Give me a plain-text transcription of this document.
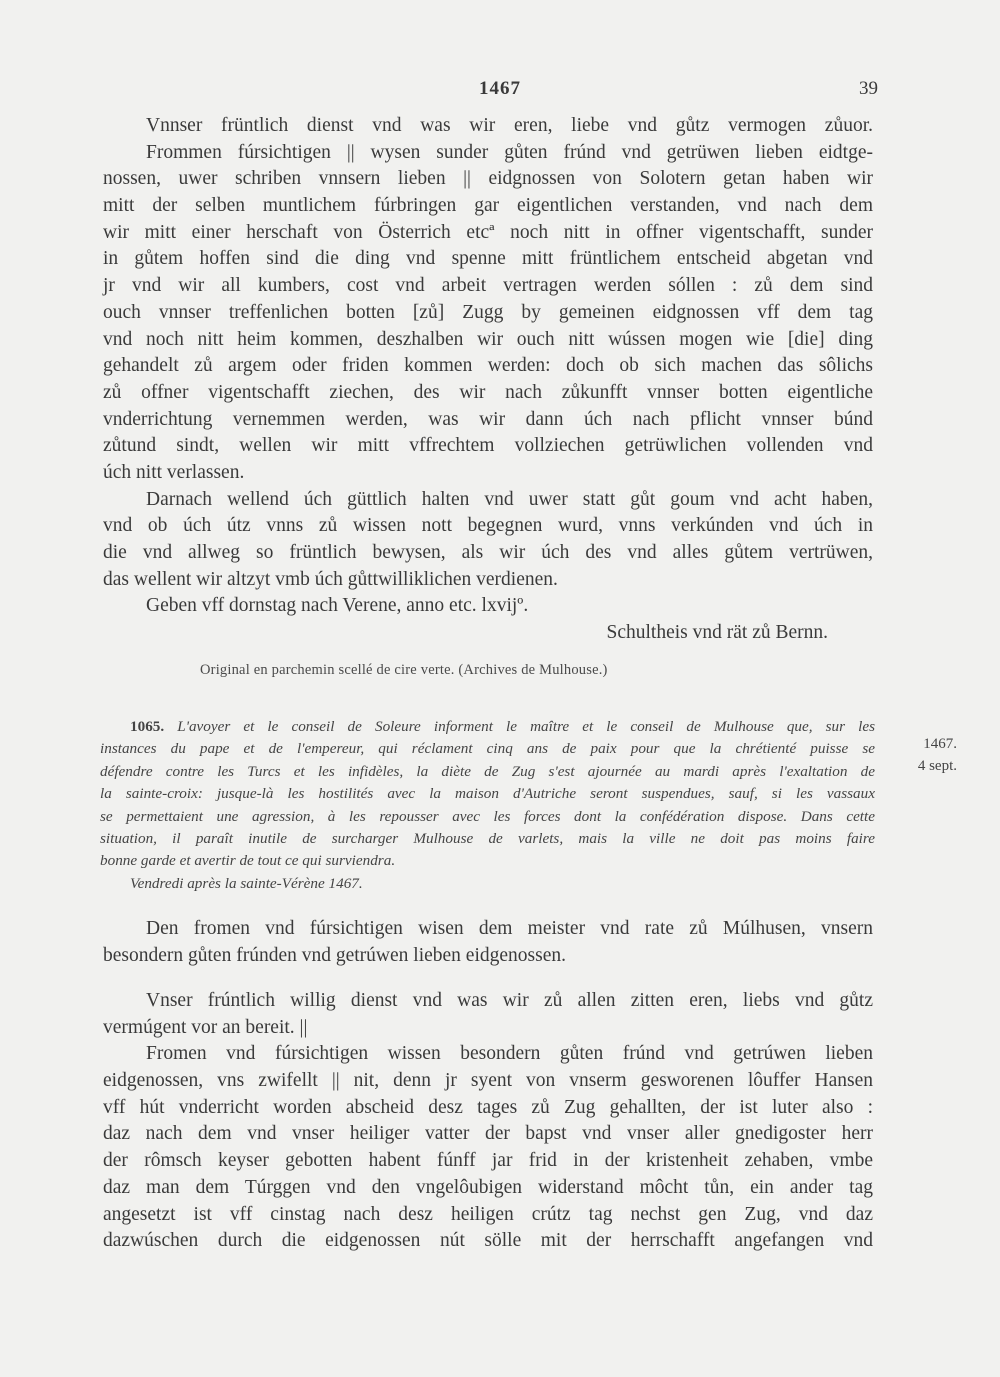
1467	39
Vnnser früntlich dienst vnd was wir eren, liebe vnd gůtz vermogen zůuor.
Frommen fúrsichtigen || wysen sunder gůten frúnd vnd getrüwen lieben eidtge-
nossen, uwer schriben vnnsern lieben || eidgnossen von Solotern getan haben wir
mitt der selben muntlichem fúrbringen gar eigentlichen verstanden, vnd nach dem
wir mitt einer herschaft von Österrich etcª noch nitt in offner vigentschafft, sunder
in gůtem hoffen sind die ding vnd spenne mitt früntlichem entscheid abgetan vnd
jr vnd wir all kumbers, cost vnd arbeit vertragen werden sóllen : zů dem sind
ouch vnnser treffenlichen botten [zů] Zugg by gemeinen eidgnossen vff dem tag
vnd noch nitt heim kommen, deszhalben wir ouch nitt wússen mogen wie [die] ding
gehandelt zů argem oder friden kommen werden: doch ob sich machen das sôlichs
zů offner vigentschafft ziechen, des wir nach zůkunfft vnnser botten eigentliche
vnderrichtung vernemmen werden, was wir dann úch nach pflicht vnnser búnd
zůtund sindt, wellen wir mitt vffrechtem vollziechen getrüwlichen vollenden vnd
úch nitt verlassen.
Darnach wellend úch güttlich halten vnd uwer statt gůt goum vnd acht haben,
vnd ob úch útz vnns zů wissen nott begegnen wurd, vnns verkúnden vnd úch in
die vnd allweg so früntlich bewysen, als wir úch des vnd alles gůtem vertrüwen,
das wellent wir altzyt vmb úch gůttwilliklichen verdienen.
Geben vff dornstag nach Verene, anno etc. lxvijº.
Schultheis vnd rät zů Bernn.
Original en parchemin scellé de cire verte. (Archives de Mulhouse.)
1065. L'avoyer et le conseil de Soleure informent le maître et le conseil de Mulhouse que, sur les
instances du pape et de l'empereur, qui réclament cinq ans de paix pour que la chrétienté puisse se
défendre contre les Turcs et les infidèles, la diète de Zug s'est ajournée au mardi après l'exaltation de
la sainte-croix: jusque-là les hostilités avec la maison d'Autriche seront suspendues, sauf, si les vassaux
se permettaient une agression, à les repousser avec les forces dont la confédération dispose. Dans cette
situation, il paraît inutile de surcharger Mulhouse de varlets, mais la ville ne doit pas moins faire
bonne garde et avertir de tout ce qui surviendra.
Vendredi après la sainte-Vérène 1467.
1467.
4 sept.
Den fromen vnd fúrsichtigen wisen dem meister vnd rate zů Múlhusen, vnsern
besondern gůten frúnden vnd getrúwen lieben eidgenossen.
Vnser frúntlich willig dienst vnd was wir zů allen zitten eren, liebs vnd gůtz
vermúgent vor an bereit. ||
Fromen vnd fúrsichtigen wissen besondern gůten frúnd vnd getrúwen lieben
eidgenossen, vns zwifellt || nit, denn jr syent von vnserm gesworenen lôuffer Hansen
vff hút vnderricht worden abscheid desz tages zů Zug gehallten, der ist luter also :
daz nach dem vnd vnser heiliger vatter der bapst vnd vnser aller gnedigoster herr
der rômsch keyser gebotten habent fúnff jar frid in der kristenheit zehaben, vmbe
daz man dem Túrggen vnd den vngelôubigen widerstand môcht tůn, ein ander tag
angesetzt ist vff cinstag nach desz heiligen crútz tag nechst gen Zug, vnd daz
dazwúschen durch die eidgenossen nút sölle mit der herrschafft angefangen vnd
